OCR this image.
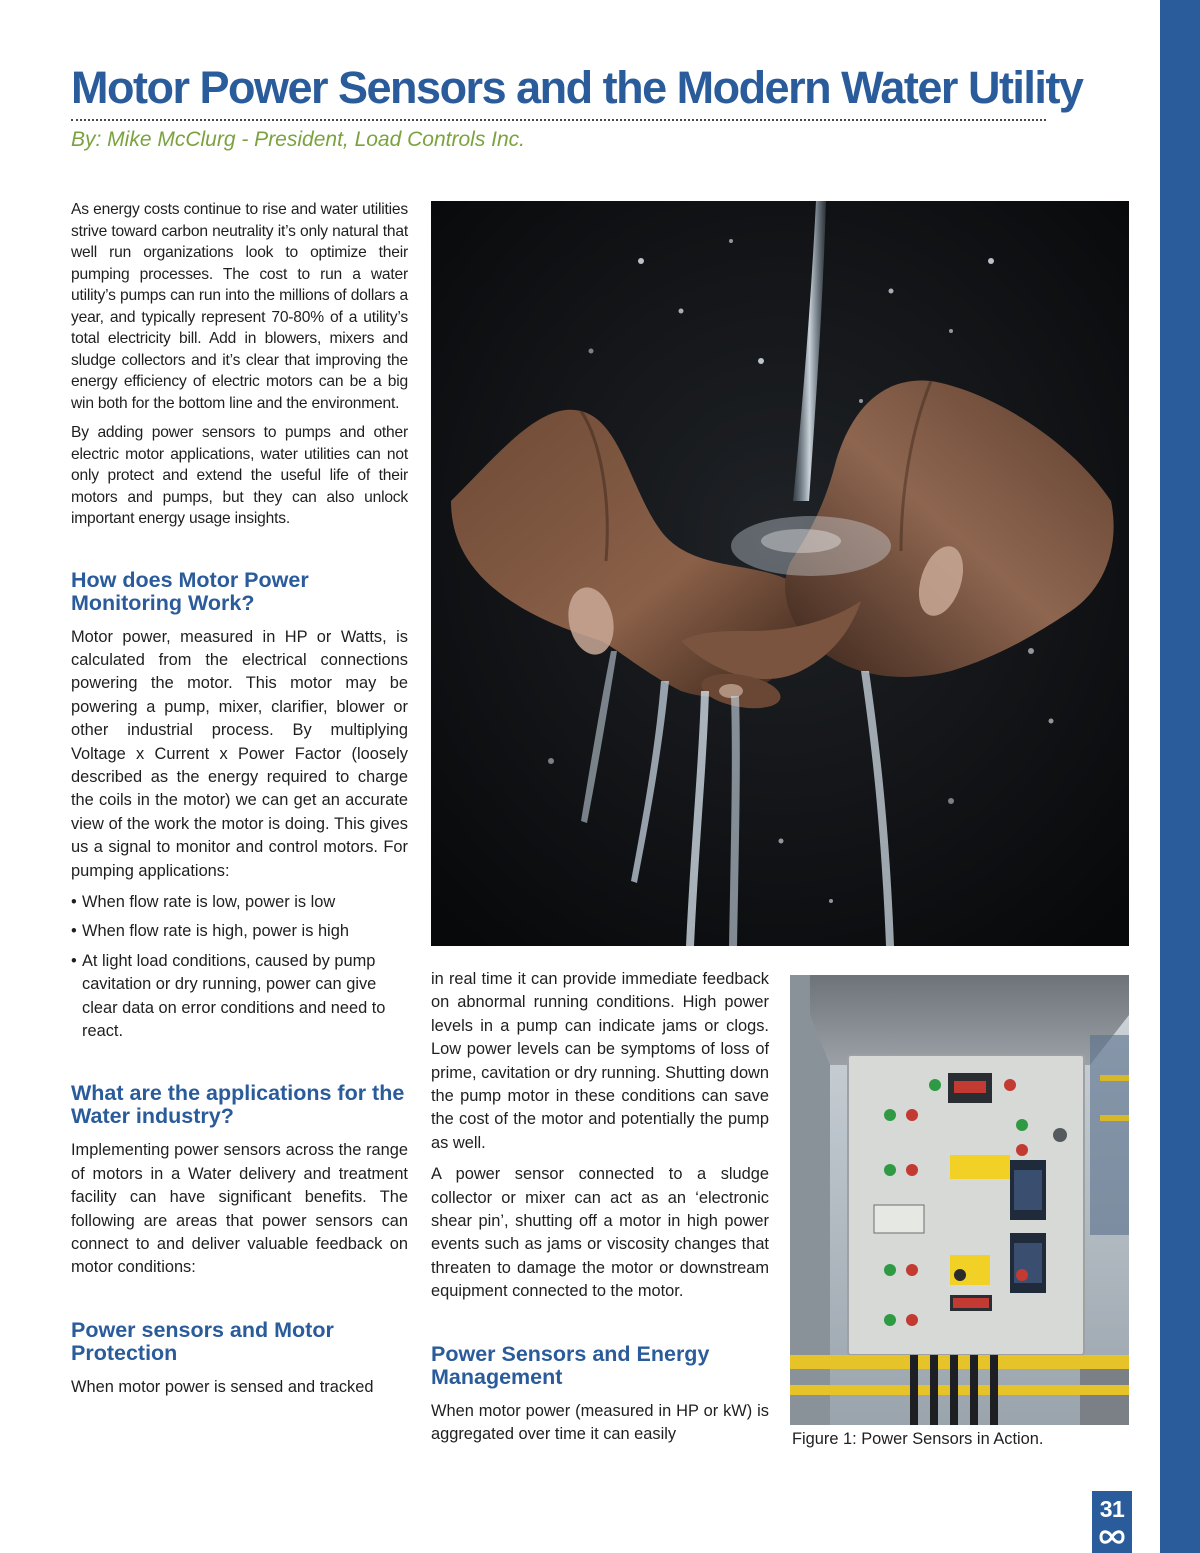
Motor Power Sensors and the Modern Water Utility

By: Mike McClurg - President, Load Controls Inc.

As energy costs continue to rise and water utilities strive toward carbon neutrality it’s only natural that well run organizations look to optimize their pumping processes. The cost to run a water utility’s pumps can run into the millions of dollars a year, and typically represent 70-80% of a utility’s total electricity bill. Add in blowers, mixers and sludge collectors and it’s clear that improving the energy efficiency of electric motors can be a big win both for the bottom line and the environment.

By adding power sensors to pumps and other electric motor applications, water utilities can not only protect and extend the useful life of their motors and pumps, but they can also unlock important energy usage insights.

How does Motor Power Monitoring Work?

Motor power, measured in HP or Watts, is calculated from the electrical connections powering the motor. This motor may be powering a pump, mixer, clarifier, blower or other industrial process. By multiplying Voltage x Current x Power Factor (loosely described as the energy required to charge the coils in the motor) we can get an accurate view of the work the motor is doing. This gives us a signal to monitor and control motors. For pumping applications:

• When flow rate is low, power is low
• When flow rate is high, power is high
• At light load conditions, caused by pump cavitation or dry running, power can give clear data on error conditions and need to react.
What are the applications for the Water industry?

Implementing power sensors across the range of motors in a Water delivery and treatment facility can have significant benefits. The following are areas that power sensors can connect to and deliver valuable feedback on motor conditions:

Power sensors and Motor Protection

When motor power is sensed and tracked

in real time it can provide immediate feedback on abnormal running conditions. High power levels in a pump can indicate jams or clogs. Low power levels can be symptoms of loss of prime, cavitation or dry running. Shutting down the pump motor in these conditions can save the cost of the motor and potentially the pump as well.

A power sensor connected to a sludge collector or mixer can act as an ‘electronic shear pin’, shutting off a motor in high power events such as jams or viscosity changes that threaten to damage the motor or downstream equipment connected to the motor.

Power Sensors and Energy Management

When motor power (measured in HP or kW) is aggregated over time it can easily	Figure 1: Power Sensors in Action.

31
